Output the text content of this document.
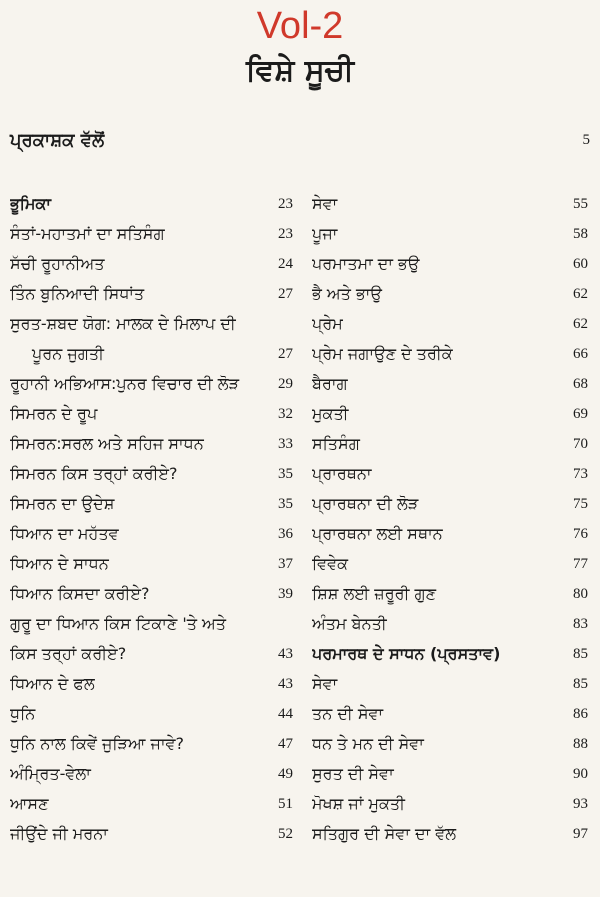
Vol-2
ਵਿਸ਼ੇ ਸੂਚੀ
ਪ੍ਰਕਾਸ਼ਕ ਵੱਲੋਂ	5
ਭੂਮਿਕਾ	23
ਸੰਤਾਂ-ਮਹਾਤਮਾਂ ਦਾ ਸਤਿਸੰਗ	23
ਸੱਚੀ ਰੂਹਾਨੀਅਤ	24
ਤਿੰਨ ਬੁਨਿਆਦੀ ਸਿਧਾਂਤ	27
ਸੁਰਤ-ਸ਼ਬਦ ਯੋਗ: ਮਾਲਕ ਦੇ ਮਿਲਾਪ ਦੀ
ਪੂਰਨ ਜੁਗਤੀ	27
ਰੂਹਾਨੀ ਅਭਿਆਸ:ਪੁਨਰ ਵਿਚਾਰ ਦੀ ਲੋੜ	29
ਸਿਮਰਨ ਦੇ ਰੂਪ	32
ਸਿਮਰਨ:ਸਰਲ ਅਤੇ ਸਹਿਜ ਸਾਧਨ	33
ਸਿਮਰਨ ਕਿਸ ਤਰ੍ਹਾਂ ਕਰੀਏ?	35
ਸਿਮਰਨ ਦਾ ਉਦੇਸ਼	35
ਧਿਆਨ ਦਾ ਮਹੱਤਵ	36
ਧਿਆਨ ਦੇ ਸਾਧਨ	37
ਧਿਆਨ ਕਿਸਦਾ ਕਰੀਏ?	39
ਗੁਰੂ ਦਾ ਧਿਆਨ ਕਿਸ ਟਿਕਾਣੇ 'ਤੇ ਅਤੇ
ਕਿਸ ਤਰ੍ਹਾਂ ਕਰੀਏ?	43
ਧਿਆਨ ਦੇ ਫਲ	43
ਧੁਨਿ	44
ਧੁਨਿ ਨਾਲ ਕਿਵੇਂ ਜੁੜਿਆ ਜਾਵੇ?	47
ਅੰਮ੍ਰਿਤ-ਵੇਲਾ	49
ਆਸਣ	51
ਜੀਉਂਦੇ ਜੀ ਮਰਨਾ	52
ਸੇਵਾ	55
ਪੂਜਾ	58
ਪਰਮਾਤਮਾ ਦਾ ਭਉ	60
ਭੈ ਅਤੇ ਭਾਉ	62
ਪ੍ਰੇਮ	62
ਪ੍ਰੇਮ ਜਗਾਉਣ ਦੇ ਤਰੀਕੇ	66
ਬੈਰਾਗ	68
ਮੁਕਤੀ	69
ਸਤਿਸੰਗ	70
ਪ੍ਰਾਰਥਨਾ	73
ਪ੍ਰਾਰਥਨਾ ਦੀ ਲੋੜ	75
ਪ੍ਰਾਰਥਨਾ ਲਈ ਸਥਾਨ	76
ਵਿਵੇਕ	77
ਸ਼ਿਸ਼ ਲਈ ਜ਼ਰੂਰੀ ਗੁਣ	80
ਅੰਤਮ ਬੇਨਤੀ	83
ਪਰਮਾਰਥ ਦੇ ਸਾਧਨ (ਪ੍ਰਸਤਾਵ)	85
ਸੇਵਾ	85
ਤਨ ਦੀ ਸੇਵਾ	86
ਧਨ ਤੇ ਮਨ ਦੀ ਸੇਵਾ	88
ਸੁਰਤ ਦੀ ਸੇਵਾ	90
ਮੋਖਸ਼ ਜਾਂ ਮੁਕਤੀ	93
ਸਤਿਗੁਰ ਦੀ ਸੇਵਾ ਦਾ ਵੱਲ	97
